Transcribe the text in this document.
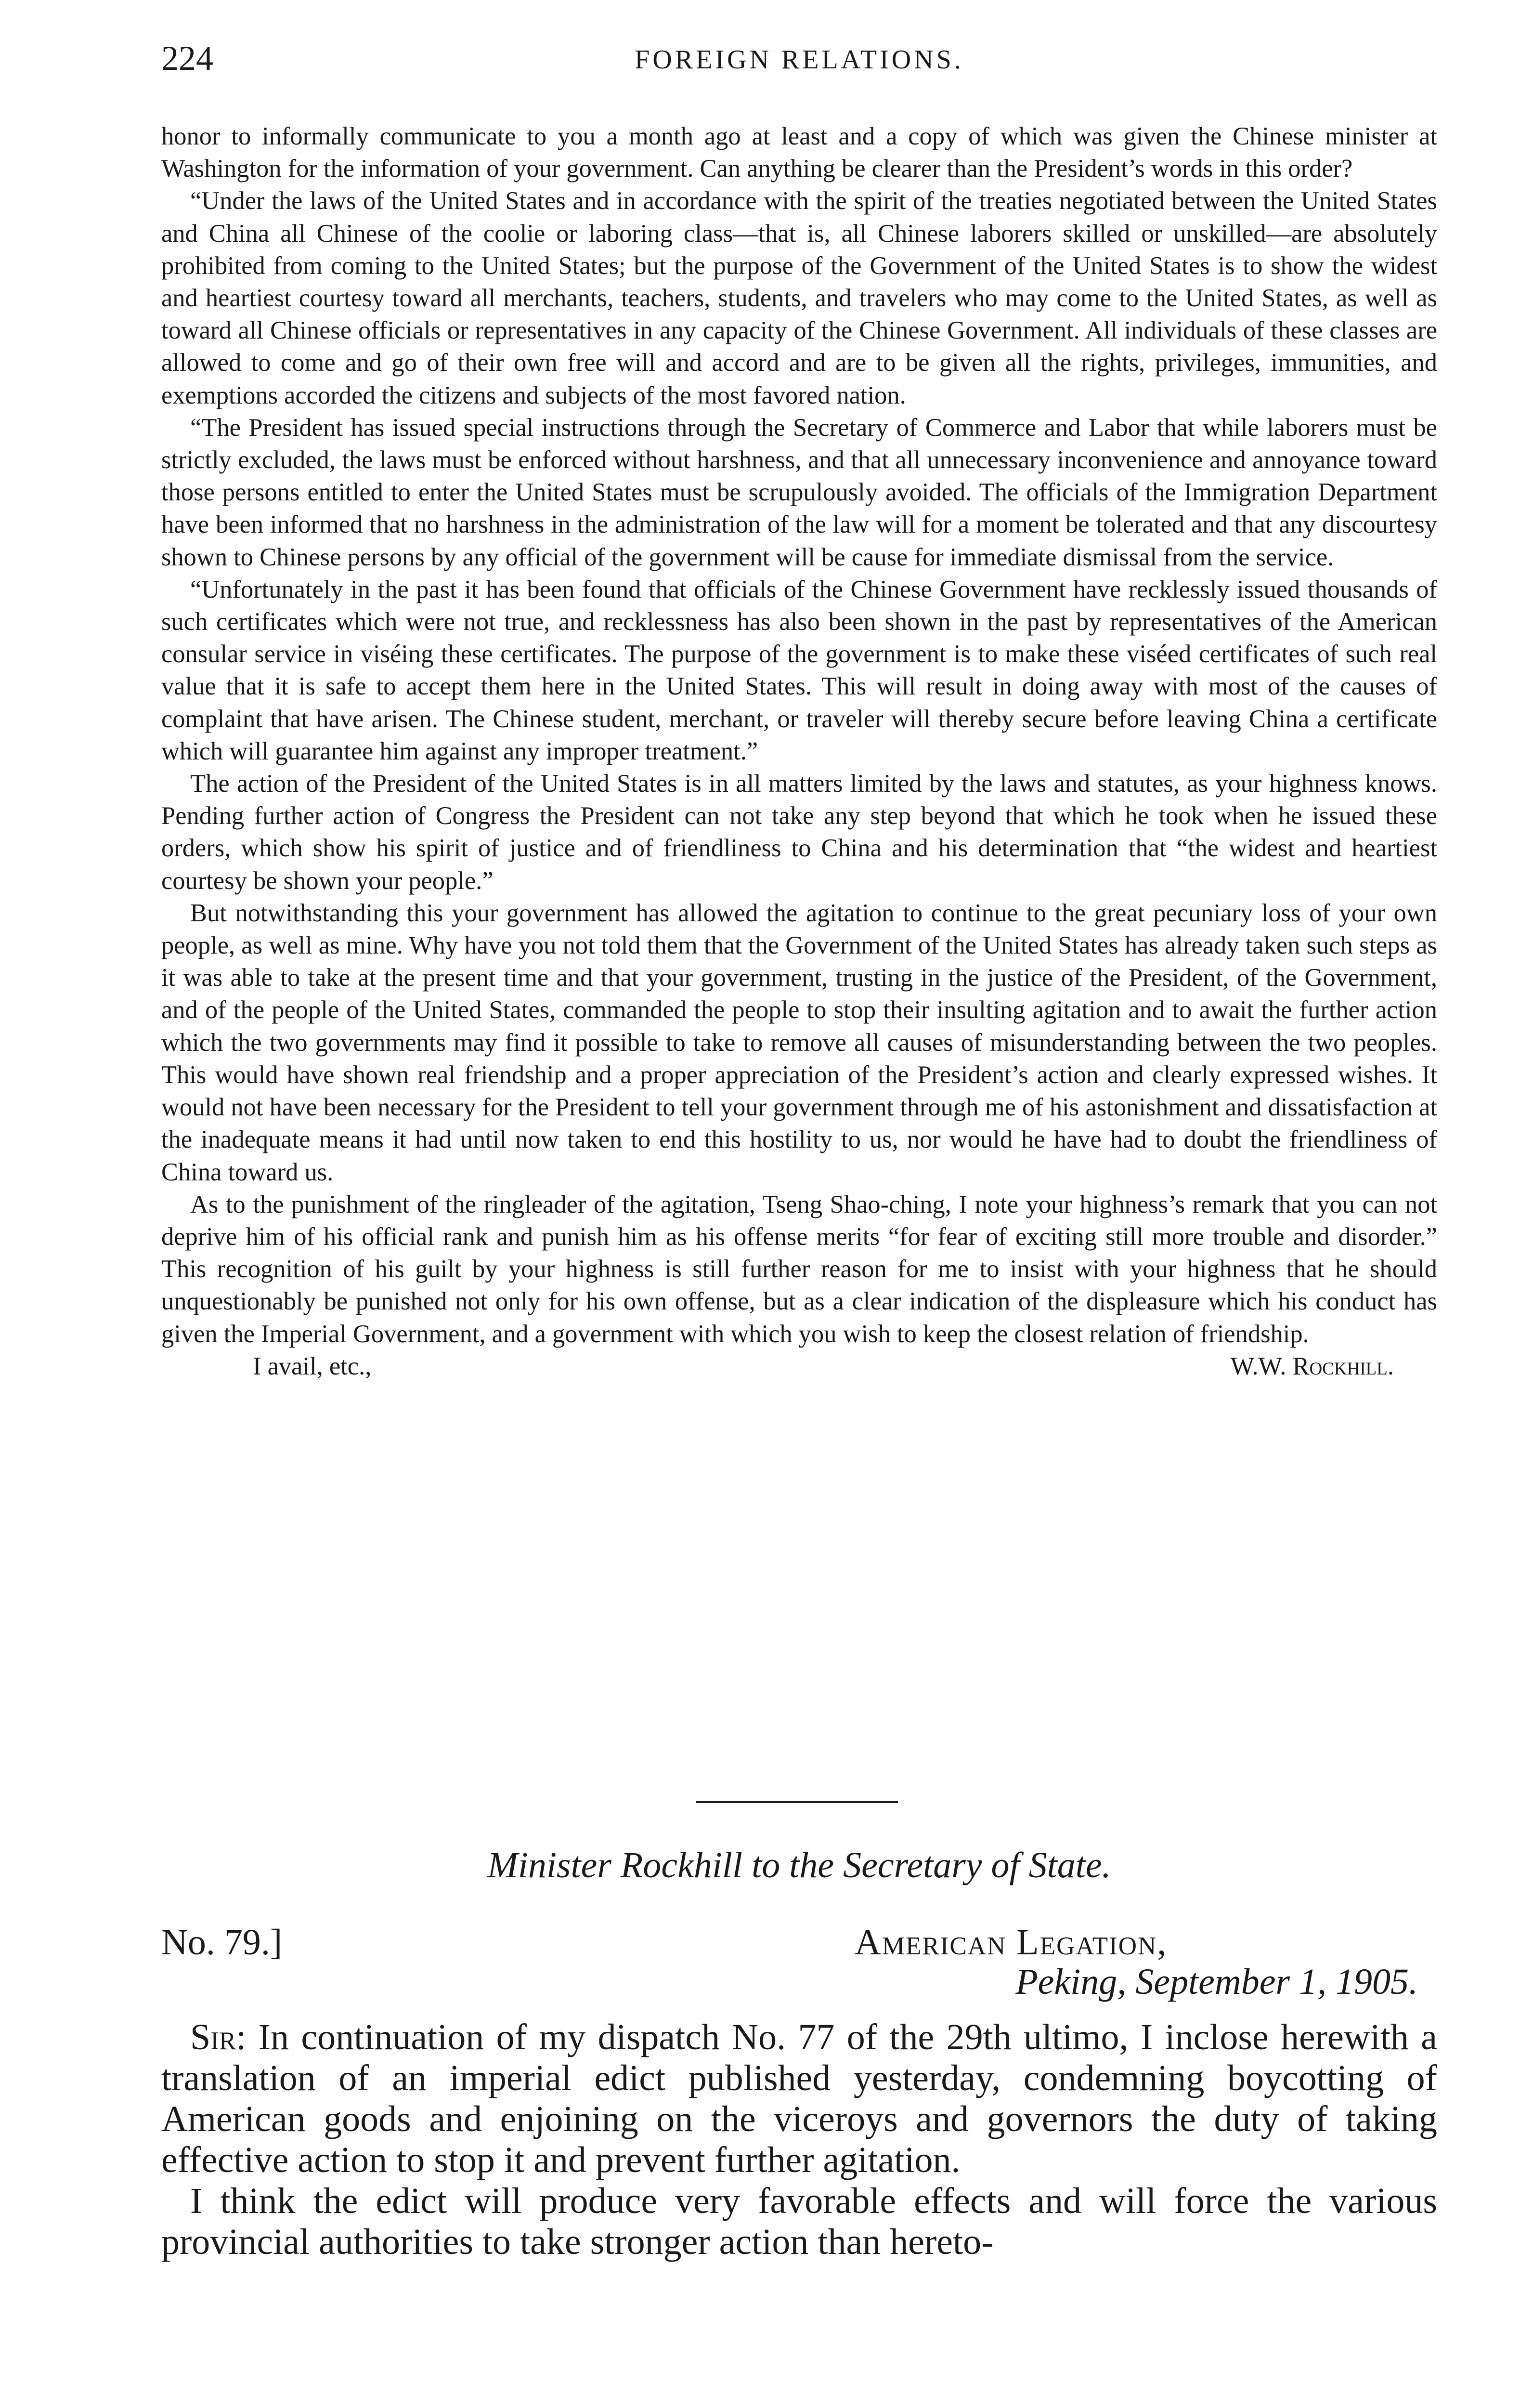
224	FOREIGN RELATIONS.

honor to informally communicate to you a month ago at least and a copy of which was given the Chinese minister at Washington for the information of your government. Can anything be clearer than the President’s words in this order?

“Under the laws of the United States and in accordance with the spirit of the treaties negotiated between the United States and China all Chinese of the coolie or laboring class—that is, all Chinese laborers skilled or unskilled—are absolutely prohibited from coming to the United States; but the purpose of the Government of the United States is to show the widest and heartiest courtesy toward all merchants, teachers, students, and travelers who may come to the United States, as well as toward all Chinese officials or representatives in any capacity of the Chinese Government. All individuals of these classes are allowed to come and go of their own free will and accord and are to be given all the rights, privileges, immunities, and exemptions accorded the citizens and subjects of the most favored nation.

“The President has issued special instructions through the Secretary of Commerce and Labor that while laborers must be strictly excluded, the laws must be enforced without harshness, and that all unnecessary inconvenience and annoyance toward those persons entitled to enter the United States must be scrupulously avoided. The officials of the Immigration Department have been informed that no harshness in the administration of the law will for a moment be tolerated and that any discourtesy shown to Chinese persons by any official of the government will be cause for immediate dismissal from the service.

“Unfortunately in the past it has been found that officials of the Chinese Government have recklessly issued thousands of such certificates which were not true, and recklessness has also been shown in the past by representatives of the American consular service in viséing these certificates. The purpose of the government is to make these viséed certificates of such real value that it is safe to accept them here in the United States. This will result in doing away with most of the causes of complaint that have arisen. The Chinese student, merchant, or traveler will thereby secure before leaving China a certificate which will guarantee him against any improper treatment.”

The action of the President of the United States is in all matters limited by the laws and statutes, as your highness knows. Pending further action of Congress the President can not take any step beyond that which he took when he issued these orders, which show his spirit of justice and of friendliness to China and his determination that “the widest and heartiest courtesy be shown your people.”

But notwithstanding this your government has allowed the agitation to continue to the great pecuniary loss of your own people, as well as mine. Why have you not told them that the Government of the United States has already taken such steps as it was able to take at the present time and that your government, trusting in the justice of the President, of the Government, and of the people of the United States, commanded the people to stop their insulting agitation and to await the further action which the two governments may find it possible to take to remove all causes of misunderstanding between the two peoples. This would have shown real friendship and a proper appreciation of the President’s action and clearly expressed wishes. It would not have been necessary for the President to tell your government through me of his astonishment and dissatisfaction at the inadequate means it had until now taken to end this hostility to us, nor would he have had to doubt the friendliness of China toward us.

As to the punishment of the ringleader of the agitation, Tseng Shao-ching, I note your highness’s remark that you can not deprive him of his official rank and punish him as his offense merits “for fear of exciting still more trouble and disorder.” This recognition of his guilt by your highness is still further reason for me to insist with your highness that he should unquestionably be punished not only for his own offense, but as a clear indication of the displeasure which his conduct has given the Imperial Government, and a government with which you wish to keep the closest relation of friendship.

I avail, etc.,	W.W. Rockhill.
Minister Rockhill to the Secretary of State.
No. 79.]	American Legation,
Peking, September 1, 1905.

Sir: In continuation of my dispatch No. 77 of the 29th ultimo, I inclose herewith a translation of an imperial edict published yesterday, condemning boycotting of American goods and enjoining on the viceroys and governors the duty of taking effective action to stop it and prevent further agitation.

I think the edict will produce very favorable effects and will force the various provincial authorities to take stronger action than hereto-
